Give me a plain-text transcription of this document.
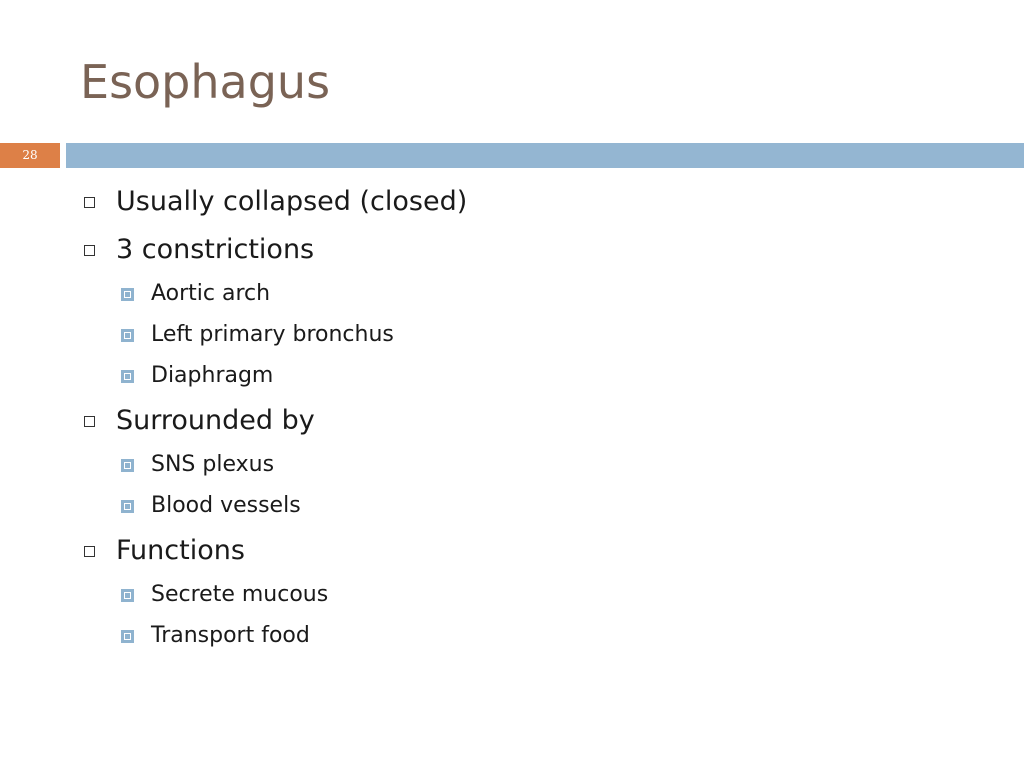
Esophagus
28
Usually collapsed (closed)
3 constrictions
Aortic arch
Left primary bronchus
Diaphragm
Surrounded by
SNS plexus
Blood vessels
Functions
Secrete mucous
Transport food
